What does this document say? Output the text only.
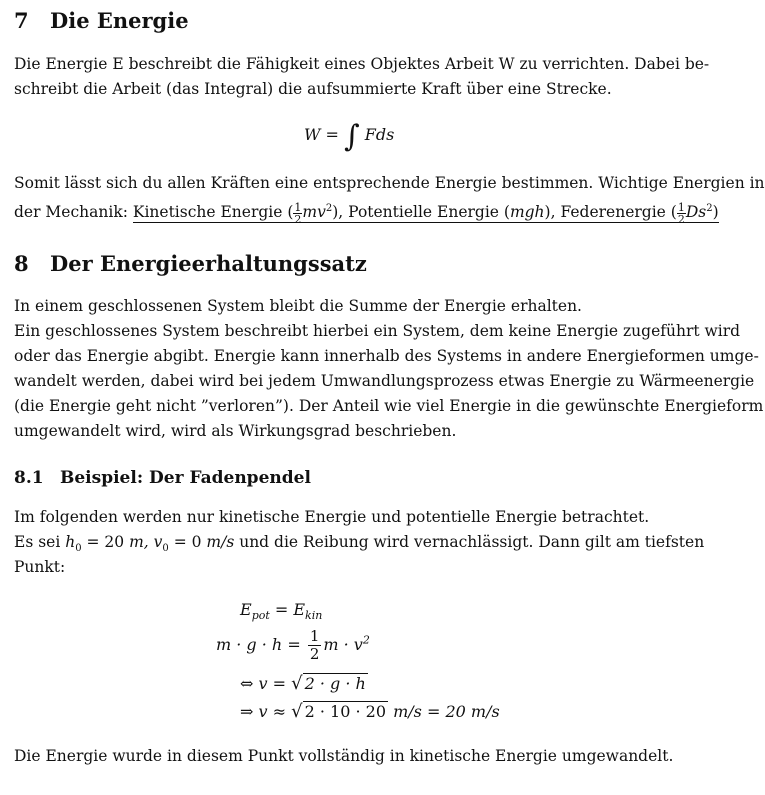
7 Die Energie
Die Energie E beschreibt die Fähigkeit eines Objektes Arbeit W zu verrichten. Dabei be-
schreibt die Arbeit (das Integral) die aufsummierte Kraft über eine Strecke.
W = ∫ Fds
Somit lässt sich du allen Kräften eine entsprechende Energie bestimmen. Wichtige Energien in
der Mechanik: Kinetische Energie ( $\frac{1}{2} mv^2$), Potentielle Energie (mgh), Federenergie ( $\frac{1}{2} Ds^2$)
8 Der Energieerhaltungssatz
In einem geschlossenen System bleibt die Summe der Energie erhalten.
Ein geschlossenes System beschreibt hierbei ein System, dem keine Energie zugeführt wird
oder das Energie abgibt. Energie kann innerhalb des Systems in andere Energieformen umge-
wandelt werden, dabei wird bei jedem Umwandlungsprozess etwas Energie zu Wärmeenergie
(die Energie geht nicht ”verloren”). Der Anteil wie viel Energie in die gewünschte Energieform
umgewandelt wird, wird als Wirkungsgrad beschrieben.
8.1 Beispiel: Der Fadenpendel
Im folgenden werden nur kinetische Energie und potentielle Energie betrachtet.
Es sei $h_0 = 20$ m, $v_0 = 0$ m/s und die Reibung wird vernachlässigt. Dann gilt am tiefsten
Punkt:
$E_{pot} = E_{kin}$
$m \cdot g \cdot h = \frac{1}{2}$ $m \cdot v^2$
⇔ v = √ 2 · g · h
⇒ v ≈ √ 2 · 10 · 20 m/s = 20 m/s
Die Energie wurde in diesem Punkt vollständig in kinetische Energie umgewandelt.
